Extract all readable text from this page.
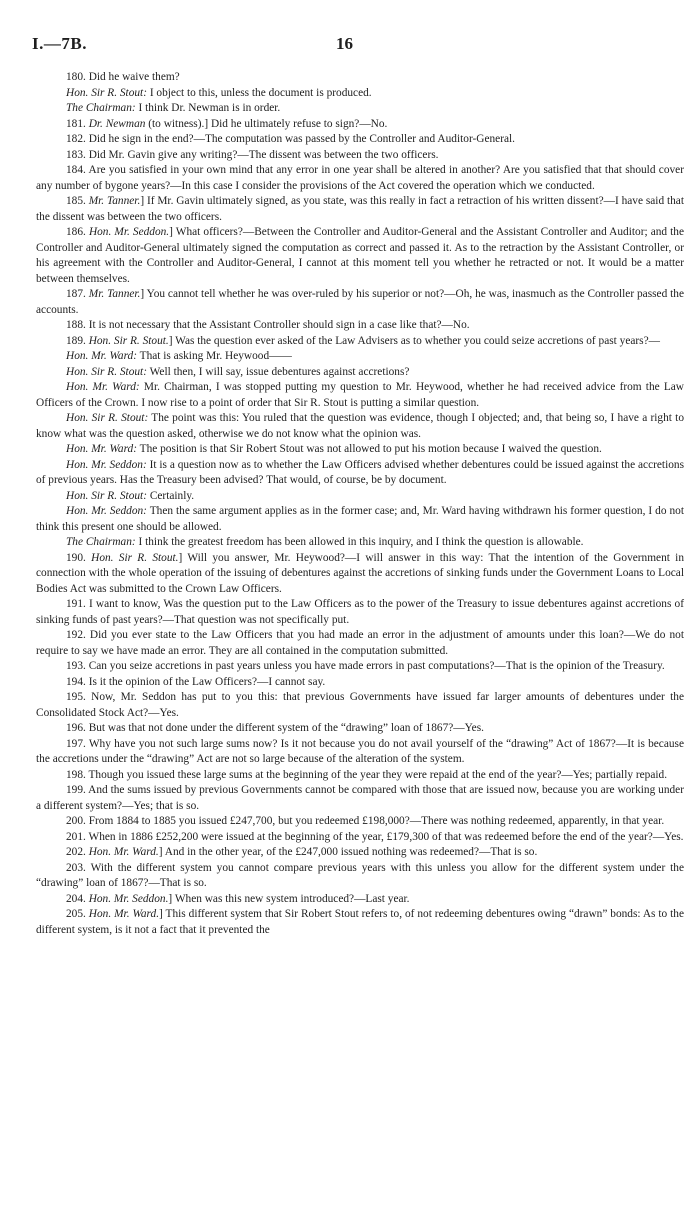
I.—7B.	16

180. Did he waive them?

Hon. Sir R. Stout: I object to this, unless the document is produced.

The Chairman: I think Dr. Newman is in order.

181. Dr. Newman (to witness).] Did he ultimately refuse to sign?—No.

182. Did he sign in the end?—The computation was passed by the Controller and Auditor-General.

183. Did Mr. Gavin give any writing?—The dissent was between the two officers.

184. Are you satisfied in your own mind that any error in one year shall be altered in another? Are you satisfied that that should cover any number of bygone years?—In this case I consider the provisions of the Act covered the operation which we conducted.

185. Mr. Tanner.] If Mr. Gavin ultimately signed, as you state, was this really in fact a retraction of his written dissent?—I have said that the dissent was between the two officers.

186. Hon. Mr. Seddon.] What officers?—Between the Controller and Auditor-General and the Assistant Controller and Auditor; and the Controller and Auditor-General ultimately signed the computation as correct and passed it. As to the retraction by the Assistant Controller, or his agreement with the Controller and Auditor-General, I cannot at this moment tell you whether he retracted or not. It would be a matter between themselves.

187. Mr. Tanner.] You cannot tell whether he was over-ruled by his superior or not?—Oh, he was, inasmuch as the Controller passed the accounts.

188. It is not necessary that the Assistant Controller should sign in a case like that?—No.

189. Hon. Sir R. Stout.] Was the question ever asked of the Law Advisers as to whether you could seize accretions of past years?—

Hon. Mr. Ward: That is asking Mr. Heywood——

Hon. Sir R. Stout: Well then, I will say, issue debentures against accretions?

Hon. Mr. Ward: Mr. Chairman, I was stopped putting my question to Mr. Heywood, whether he had received advice from the Law Officers of the Crown. I now rise to a point of order that Sir R. Stout is putting a similar question.

Hon. Sir R. Stout: The point was this: You ruled that the question was evidence, though I objected; and, that being so, I have a right to know what was the question asked, otherwise we do not know what the opinion was.

Hon. Mr. Ward: The position is that Sir Robert Stout was not allowed to put his motion because I waived the question.

Hon. Mr. Seddon: It is a question now as to whether the Law Officers advised whether debentures could be issued against the accretions of previous years. Has the Treasury been advised? That would, of course, be by document.

Hon. Sir R. Stout: Certainly.

Hon. Mr. Seddon: Then the same argument applies as in the former case; and, Mr. Ward having withdrawn his former question, I do not think this present one should be allowed.

The Chairman: I think the greatest freedom has been allowed in this inquiry, and I think the question is allowable.

190. Hon. Sir R. Stout.] Will you answer, Mr. Heywood?—I will answer in this way: That the intention of the Government in connection with the whole operation of the issuing of debentures against the accretions of sinking funds under the Government Loans to Local Bodies Act was submitted to the Crown Law Officers.

191. I want to know, Was the question put to the Law Officers as to the power of the Treasury to issue debentures against accretions of sinking funds of past years?—That question was not specifically put.

192. Did you ever state to the Law Officers that you had made an error in the adjustment of amounts under this loan?—We do not require to say we have made an error. They are all contained in the computation submitted.

193. Can you seize accretions in past years unless you have made errors in past computations?—That is the opinion of the Treasury.

194. Is it the opinion of the Law Officers?—I cannot say.

195. Now, Mr. Seddon has put to you this: that previous Governments have issued far larger amounts of debentures under the Consolidated Stock Act?—Yes.

196. But was that not done under the different system of the “drawing” loan of 1867?—Yes.

197. Why have you not such large sums now? Is it not because you do not avail yourself of the “drawing” Act of 1867?—It is because the accretions under the “drawing” Act are not so large because of the alteration of the system.

198. Though you issued these large sums at the beginning of the year they were repaid at the end of the year?—Yes; partially repaid.

199. And the sums issued by previous Governments cannot be compared with those that are issued now, because you are working under a different system?—Yes; that is so.

200. From 1884 to 1885 you issued £247,700, but you redeemed £198,000?—There was nothing redeemed, apparently, in that year.

201. When in 1886 £252,200 were issued at the beginning of the year, £179,300 of that was redeemed before the end of the year?—Yes.

202. Hon. Mr. Ward.] And in the other year, of the £247,000 issued nothing was redeemed?—That is so.

203. With the different system you cannot compare previous years with this unless you allow for the different system under the “drawing” loan of 1867?—That is so.

204. Hon. Mr. Seddon.] When was this new system introduced?—Last year.

205. Hon. Mr. Ward.] This different system that Sir Robert Stout refers to, of not redeeming debentures owing “drawn” bonds: As to the different system, is it not a fact that it prevented the
